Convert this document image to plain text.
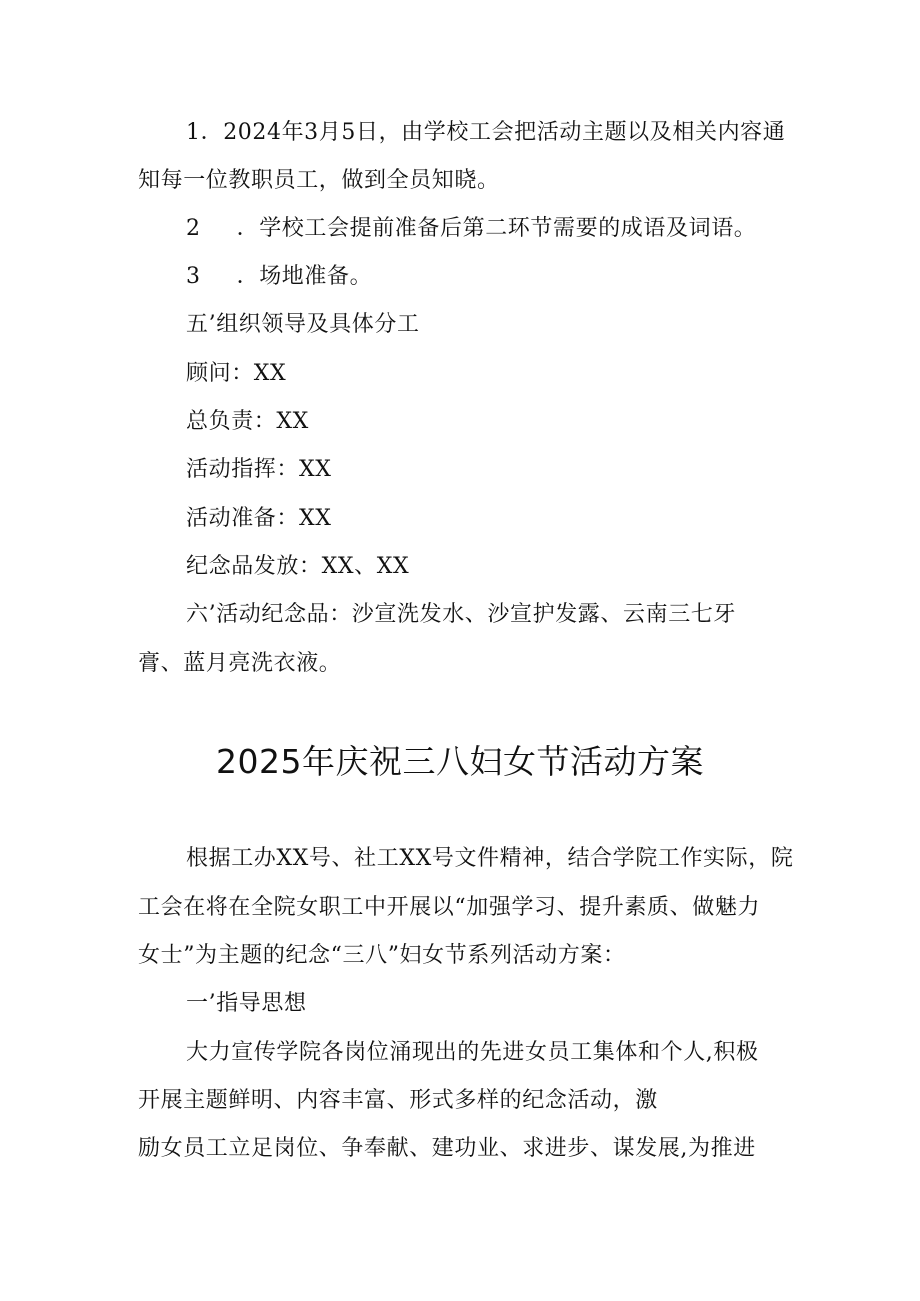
1．2024年3月5日，由学校工会把活动主题以及相关内容通
知每一位教职员工，做到全员知晓。
2 ．学校工会提前准备后第二环节需要的成语及词语。
3 ．场地准备。
五’组织领导及具体分工
顾问：XX
总负责：XX
活动指挥：XX
活动准备：XX
纪念品发放：XX、XX
六’活动纪念品：沙宣洗发水、沙宣护发露、云南三七牙
膏、蓝月亮洗衣液。
2025年庆祝三八妇女节活动方案
根据工办XX号、社工XX号文件精神，结合学院工作实际，院
工会在将在全院女职工中开展以“加强学习、提升素质、做魅力
女士”为主题的纪念“三八”妇女节系列活动方案：
一’指导思想
大力宣传学院各岗位涌现出的先进女员工集体和个人,积极
开展主题鲜明、内容丰富、形式多样的纪念活动，激
励女员工立足岗位、争奉献、建功业、求进步、谋发展,为推进
